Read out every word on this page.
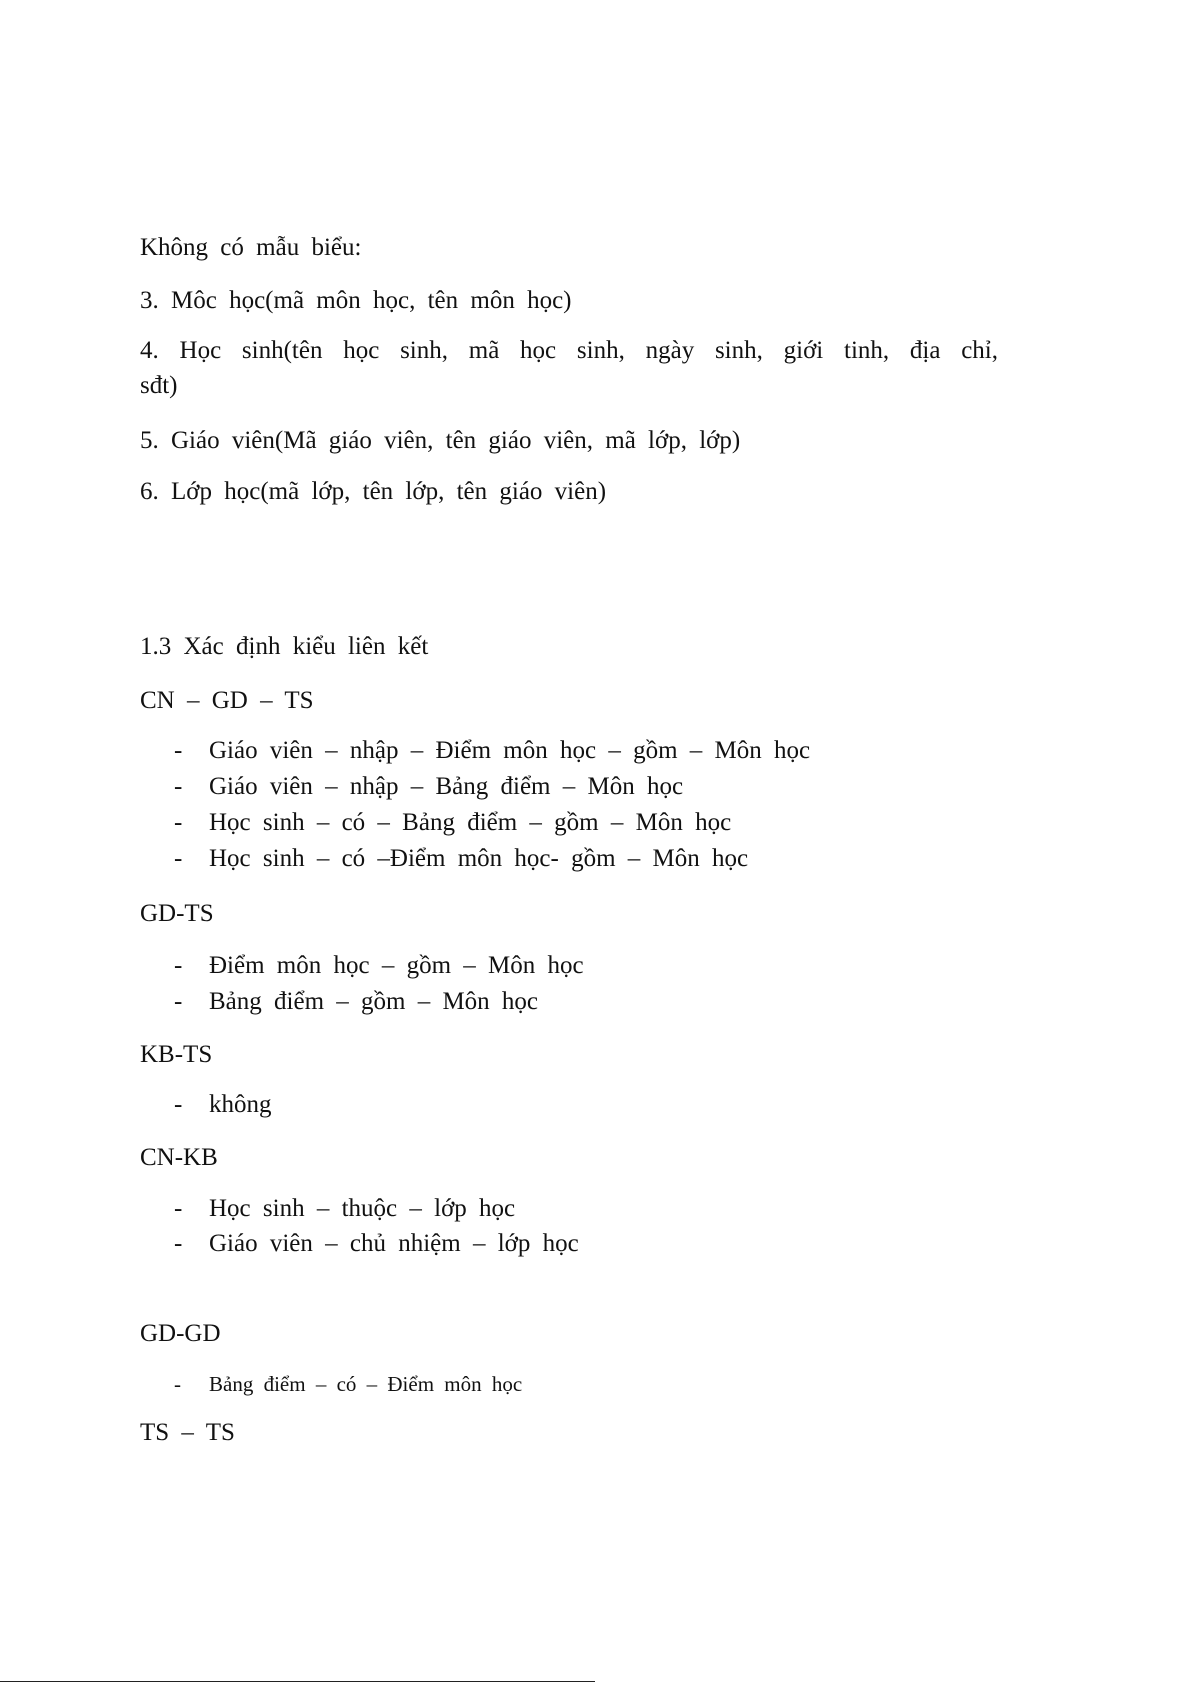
Không có mẫu biểu:
3. Môc học(mã môn học, tên môn học)
4. Học sinh(tên học sinh, mã học sinh, ngày sinh, giới tinh, địa chỉ,
sđt)
5. Giáo viên(Mã giáo viên, tên giáo viên, mã lớp, lớp)
6. Lớp học(mã lớp, tên lớp, tên giáo viên)
1.3 Xác định kiểu liên kết
CN – GD – TS
- Giáo viên – nhập – Điểm môn học – gồm – Môn học
- Giáo viên – nhập – Bảng điểm – Môn học
- Học sinh – có – Bảng điểm – gồm – Môn học
- Học sinh – có –Điểm môn học- gồm – Môn học
GD-TS
- Điểm môn học – gồm – Môn học
- Bảng điểm – gồm – Môn học
KB-TS
- không
CN-KB
- Học sinh – thuộc – lớp học
- Giáo viên – chủ nhiệm – lớp học
GD-GD
- Bảng điểm – có – Điểm môn học
TS – TS
